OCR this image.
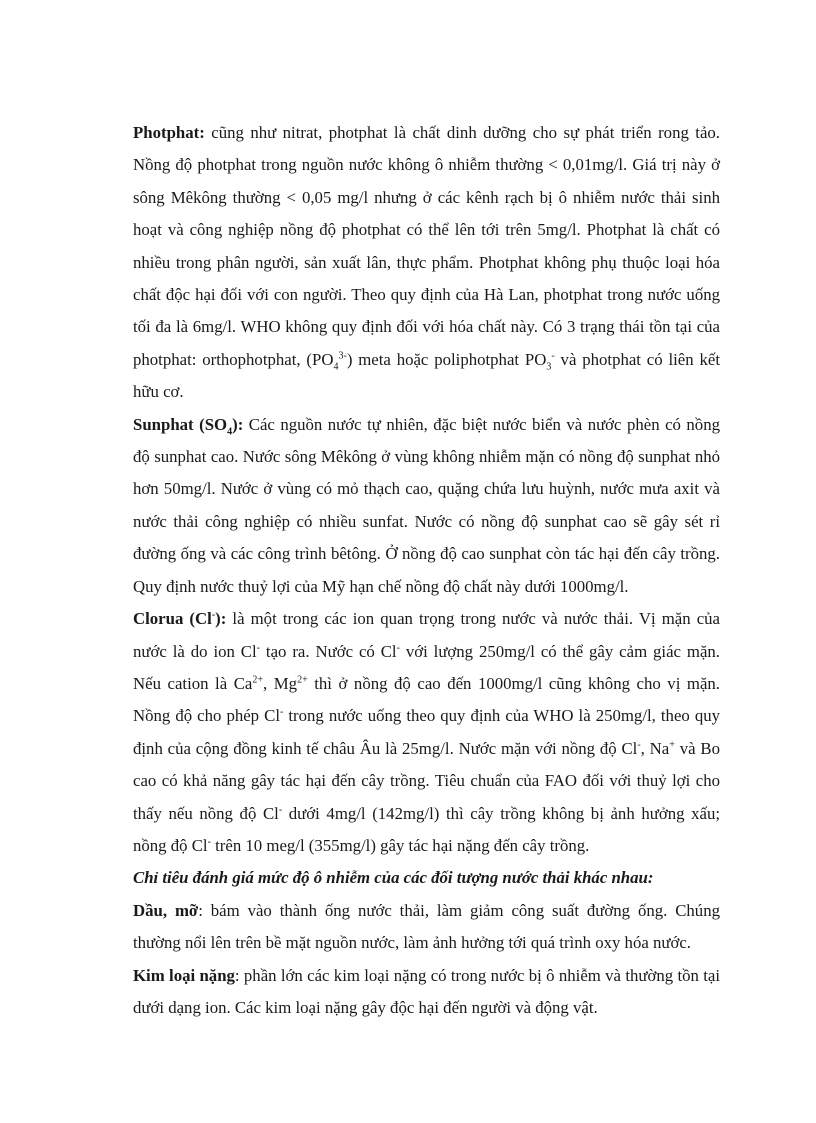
Photphat: cũng như nitrat, photphat là chất dinh dưỡng cho sự phát triển rong tảo. Nồng độ photphat trong nguồn nước không ô nhiễm thường < 0,01mg/l. Giá trị này ở sông Mêkông thường < 0,05 mg/l nhưng ở các kênh rạch bị ô nhiễm nước thải sinh hoạt và công nghiệp nồng độ photphat có thể lên tới trên 5mg/l. Photphat là chất có nhiều trong phân người, sản xuất lân, thực phẩm. Photphat không phụ thuộc loại hóa chất độc hại đối với con người. Theo quy định của Hà Lan, photphat trong nước uống tối đa là 6mg/l. WHO không quy định đối với hóa chất này. Có 3 trạng thái tồn tại của photphat: orthophotphat, $(PO_4^{3-})$ meta hoặc poliphotphat $PO_3^-$ và photphat có liên kết hữu cơ.

Sunphat $(SO_4)$: Các nguồn nước tự nhiên, đặc biệt nước biển và nước phèn có nồng độ sunphat cao. Nước sông Mêkông ở vùng không nhiễm mặn có nồng độ sunphat nhỏ hơn 50mg/l. Nước ở vùng có mỏ thạch cao, quặng chứa lưu huỳnh, nước mưa axit và nước thải công nghiệp có nhiều sunfat. Nước có nồng độ sunphat cao sẽ gây sét rỉ đường ống và các công trình bêtông. Ở nồng độ cao sunphat còn tác hại đến cây trồng. Quy định nước thuỷ lợi của Mỹ hạn chế nồng độ chất này dưới 1000mg/l.

Clorua (Cl-): là một trong các ion quan trọng trong nước và nước thải. Vị mặn của nước là do ion Cl- tạo ra. Nước có Cl- với lượng 250mg/l có thể gây cảm giác mặn. Nếu cation là $Ca^{2+}$, $Mg^{2+}$ thì ở nồng độ cao đến 1000mg/l cũng không cho vị mặn. Nồng độ cho phép Cl- trong nước uống theo quy định của WHO là 250mg/l, theo quy định của cộng đồng kinh tế châu Âu là 25mg/l. Nước mặn với nồng độ Cl-, Na+ và Bo cao có khả năng gây tác hại đến cây trồng. Tiêu chuẩn của FAO đối với thuỷ lợi cho thấy nếu nồng độ Cl- dưới 4mg/l (142mg/l) thì cây trồng không bị ảnh hưởng xấu; nồng độ Cl- trên 10 meg/l (355mg/l) gây tác hại nặng đến cây trồng.

Chỉ tiêu đánh giá mức độ ô nhiễm của các đối tượng nước thải khác nhau:

Dầu, mỡ: bám vào thành ống nước thải, làm giảm công suất đường ống. Chúng thường nổi lên trên bề mặt nguồn nước, làm ảnh hưởng tới quá trình oxy hóa nước.

Kim loại nặng: phần lớn các kim loại nặng có trong nước bị ô nhiễm và thường tồn tại dưới dạng ion. Các kim loại nặng gây độc hại đến người và động vật.
